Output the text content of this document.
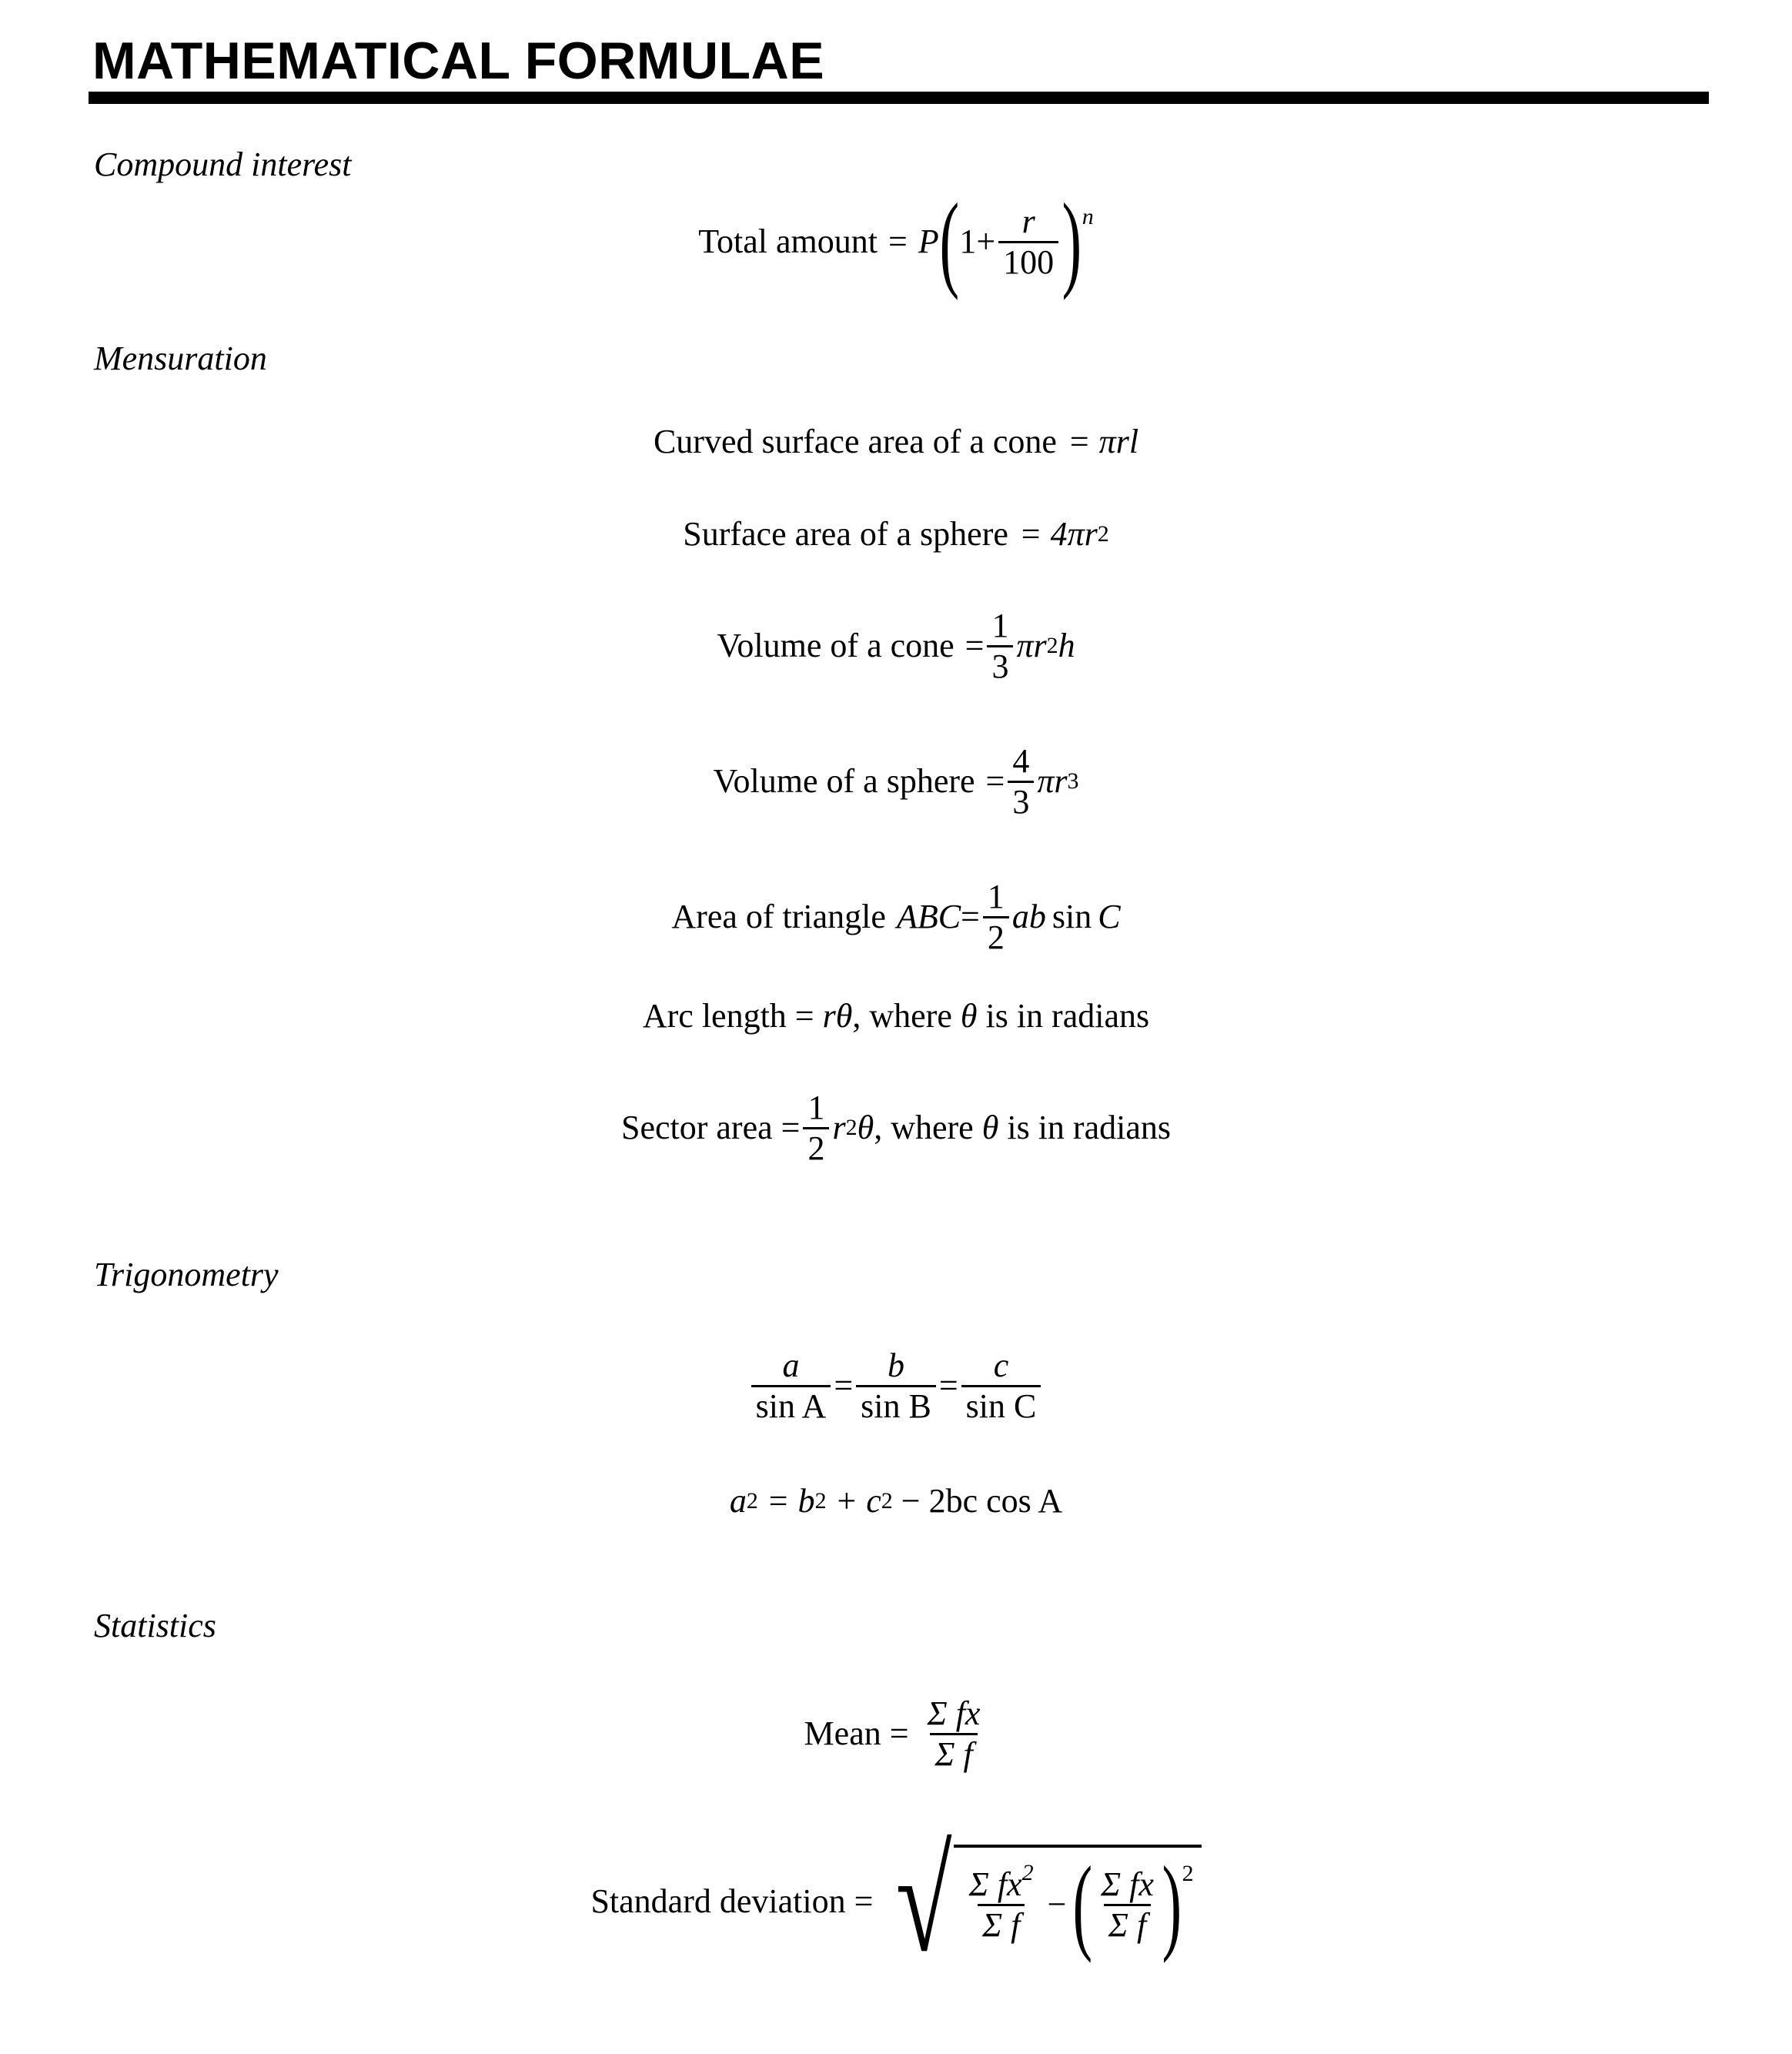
MATHEMATICAL FORMULAE
Compound interest
Total amount = P ( $1+ \frac{r}{100}$ ) n
Mensuration
Curved surface area of a cone = πrl
Surface area of a sphere = 4πr 2
Volume of a cone = $\frac{1}{3}$ πr 2 h
Volume of a sphere = $\frac{4}{3}$ πr 3
Area of triangle ABC = $\frac{1}{2}$ ab sin C
Arc length = rθ , where θ is in radians
Sector area = $\frac{1}{2}$ r 2 θ , where θ is in radians
Trigonometry
$\frac{a}{\text{sin A}} = \frac{b}{\text{sin B}} = \frac{c}{\text{sin C}}$
a 2 = b 2 + c 2 − 2bc cos A
Statistics
Mean = $\frac{\text{Σ fx}}{\text{Σ f}}$
Standard deviation = √ $\frac{\Sigma fx^2}{\text{Σ f}}$ − ( $\frac{\text{Σ fx}}{\text{Σ f}}$ ) 2
